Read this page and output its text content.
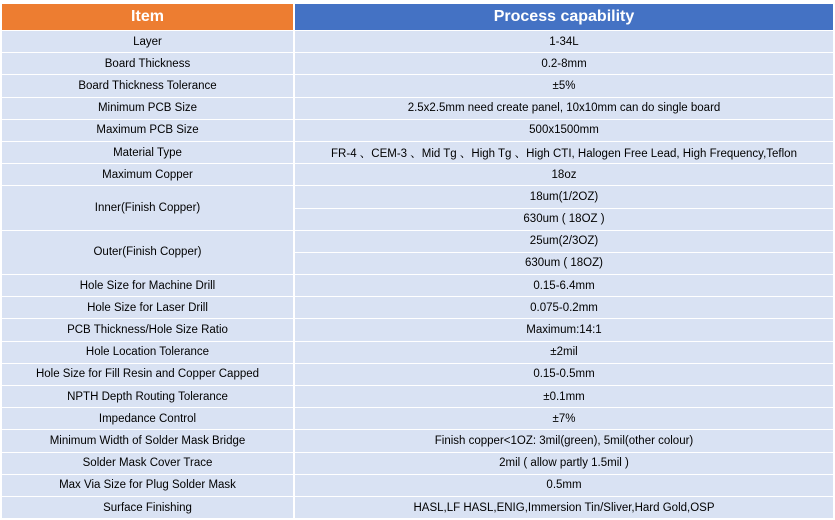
Item	Process capability
Layer	1-34L
Board Thickness	0.2-8mm
Board Thickness Tolerance	±5%
Minimum PCB Size	2.5x2.5mm need create panel, 10x10mm can do single board
Maximum PCB Size	500x1500mm
Material Type	FR-4 、CEM-3 、Mid Tg 、High Tg 、High CTI, Halogen Free Lead, High Frequency,Teflon
Maximum Copper	18oz
Inner(Finish Copper)	18um(1/2OZ)
	630um ( 18OZ )
Outer(Finish Copper)	25um(2/3OZ)
	630um ( 18OZ)
Hole Size for Machine Drill	0.15-6.4mm
Hole Size for Laser Drill	0.075-0.2mm
PCB Thickness/Hole Size Ratio	Maximum:14:1
Hole Location Tolerance	±2mil
Hole Size for Fill Resin and Copper Capped	0.15-0.5mm
NPTH Depth Routing Tolerance	±0.1mm
Impedance Control	±7%
Minimum Width of Solder Mask Bridge	Finish copper<1OZ: 3mil(green), 5mil(other colour)
Solder Mask Cover Trace	2mil ( allow partly 1.5mil )
Max Via Size for Plug Solder Mask	0.5mm
Surface Finishing	HASL,LF HASL,ENIG,Immersion Tin/Sliver,Hard Gold,OSP
